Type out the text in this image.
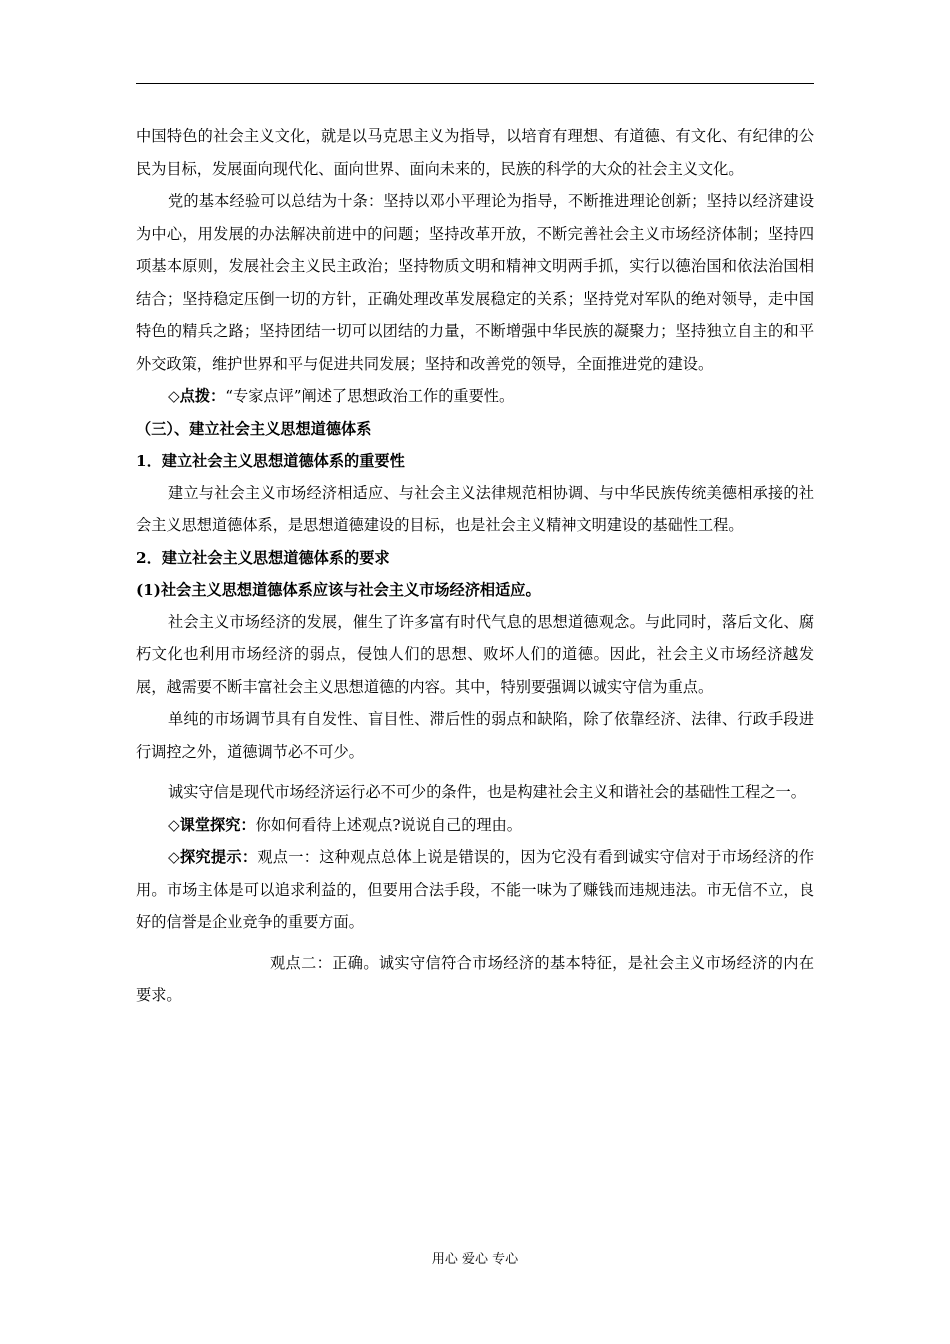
中国特色的社会主义文化，就是以马克思主义为指导，以培育有理想、有道德、有文化、有纪律的公民为目标，发展面向现代化、面向世界、面向未来的，民族的科学的大众的社会主义文化。

党的基本经验可以总结为十条：坚持以邓小平理论为指导，不断推进理论创新；坚持以经济建设为中心，用发展的办法解决前进中的问题；坚持改革开放，不断完善社会主义市场经济体制；坚持四项基本原则，发展社会主义民主政治；坚持物质文明和精神文明两手抓，实行以德治国和依法治国相结合；坚持稳定压倒一切的方针，正确处理改革发展稳定的关系；坚持党对军队的绝对领导，走中国特色的精兵之路；坚持团结一切可以团结的力量，不断增强中华民族的凝聚力；坚持独立自主的和平外交政策，维护世界和平与促进共同发展；坚持和改善党的领导，全面推进党的建设。

◇点拨：“专家点评”阐述了思想政治工作的重要性。

（三）、建立社会主义思想道德体系

1．建立社会主义思想道德体系的重要性

建立与社会主义市场经济相适应、与社会主义法律规范相协调、与中华民族传统美德相承接的社会主义思想道德体系，是思想道德建设的目标，也是社会主义精神文明建设的基础性工程。

2．建立社会主义思想道德体系的要求

(1)社会主义思想道德体系应该与社会主义市场经济相适应。

社会主义市场经济的发展，催生了许多富有时代气息的思想道德观念。与此同时，落后文化、腐朽文化也利用市场经济的弱点，侵蚀人们的思想、败坏人们的道德。因此，社会主义市场经济越发展，越需要不断丰富社会主义思想道德的内容。其中，特别要强调以诚实守信为重点。

单纯的市场调节具有自发性、盲目性、滞后性的弱点和缺陷，除了依靠经济、法律、行政手段进行调控之外，道德调节必不可少。

诚实守信是现代市场经济运行必不可少的条件，也是构建社会主义和谐社会的基础性工程之一。

◇课堂探究：你如何看待上述观点?说说自己的理由。

◇探究提示：观点一：这种观点总体上说是错误的，因为它没有看到诚实守信对于市场经济的作用。市场主体是可以追求利益的，但要用合法手段，不能一味为了赚钱而违规违法。市无信不立，良好的信誉是企业竞争的重要方面。

观点二：正确。诚实守信符合市场经济的基本特征，是社会主义市场经济的内在要求。

用心 爱心 专心
